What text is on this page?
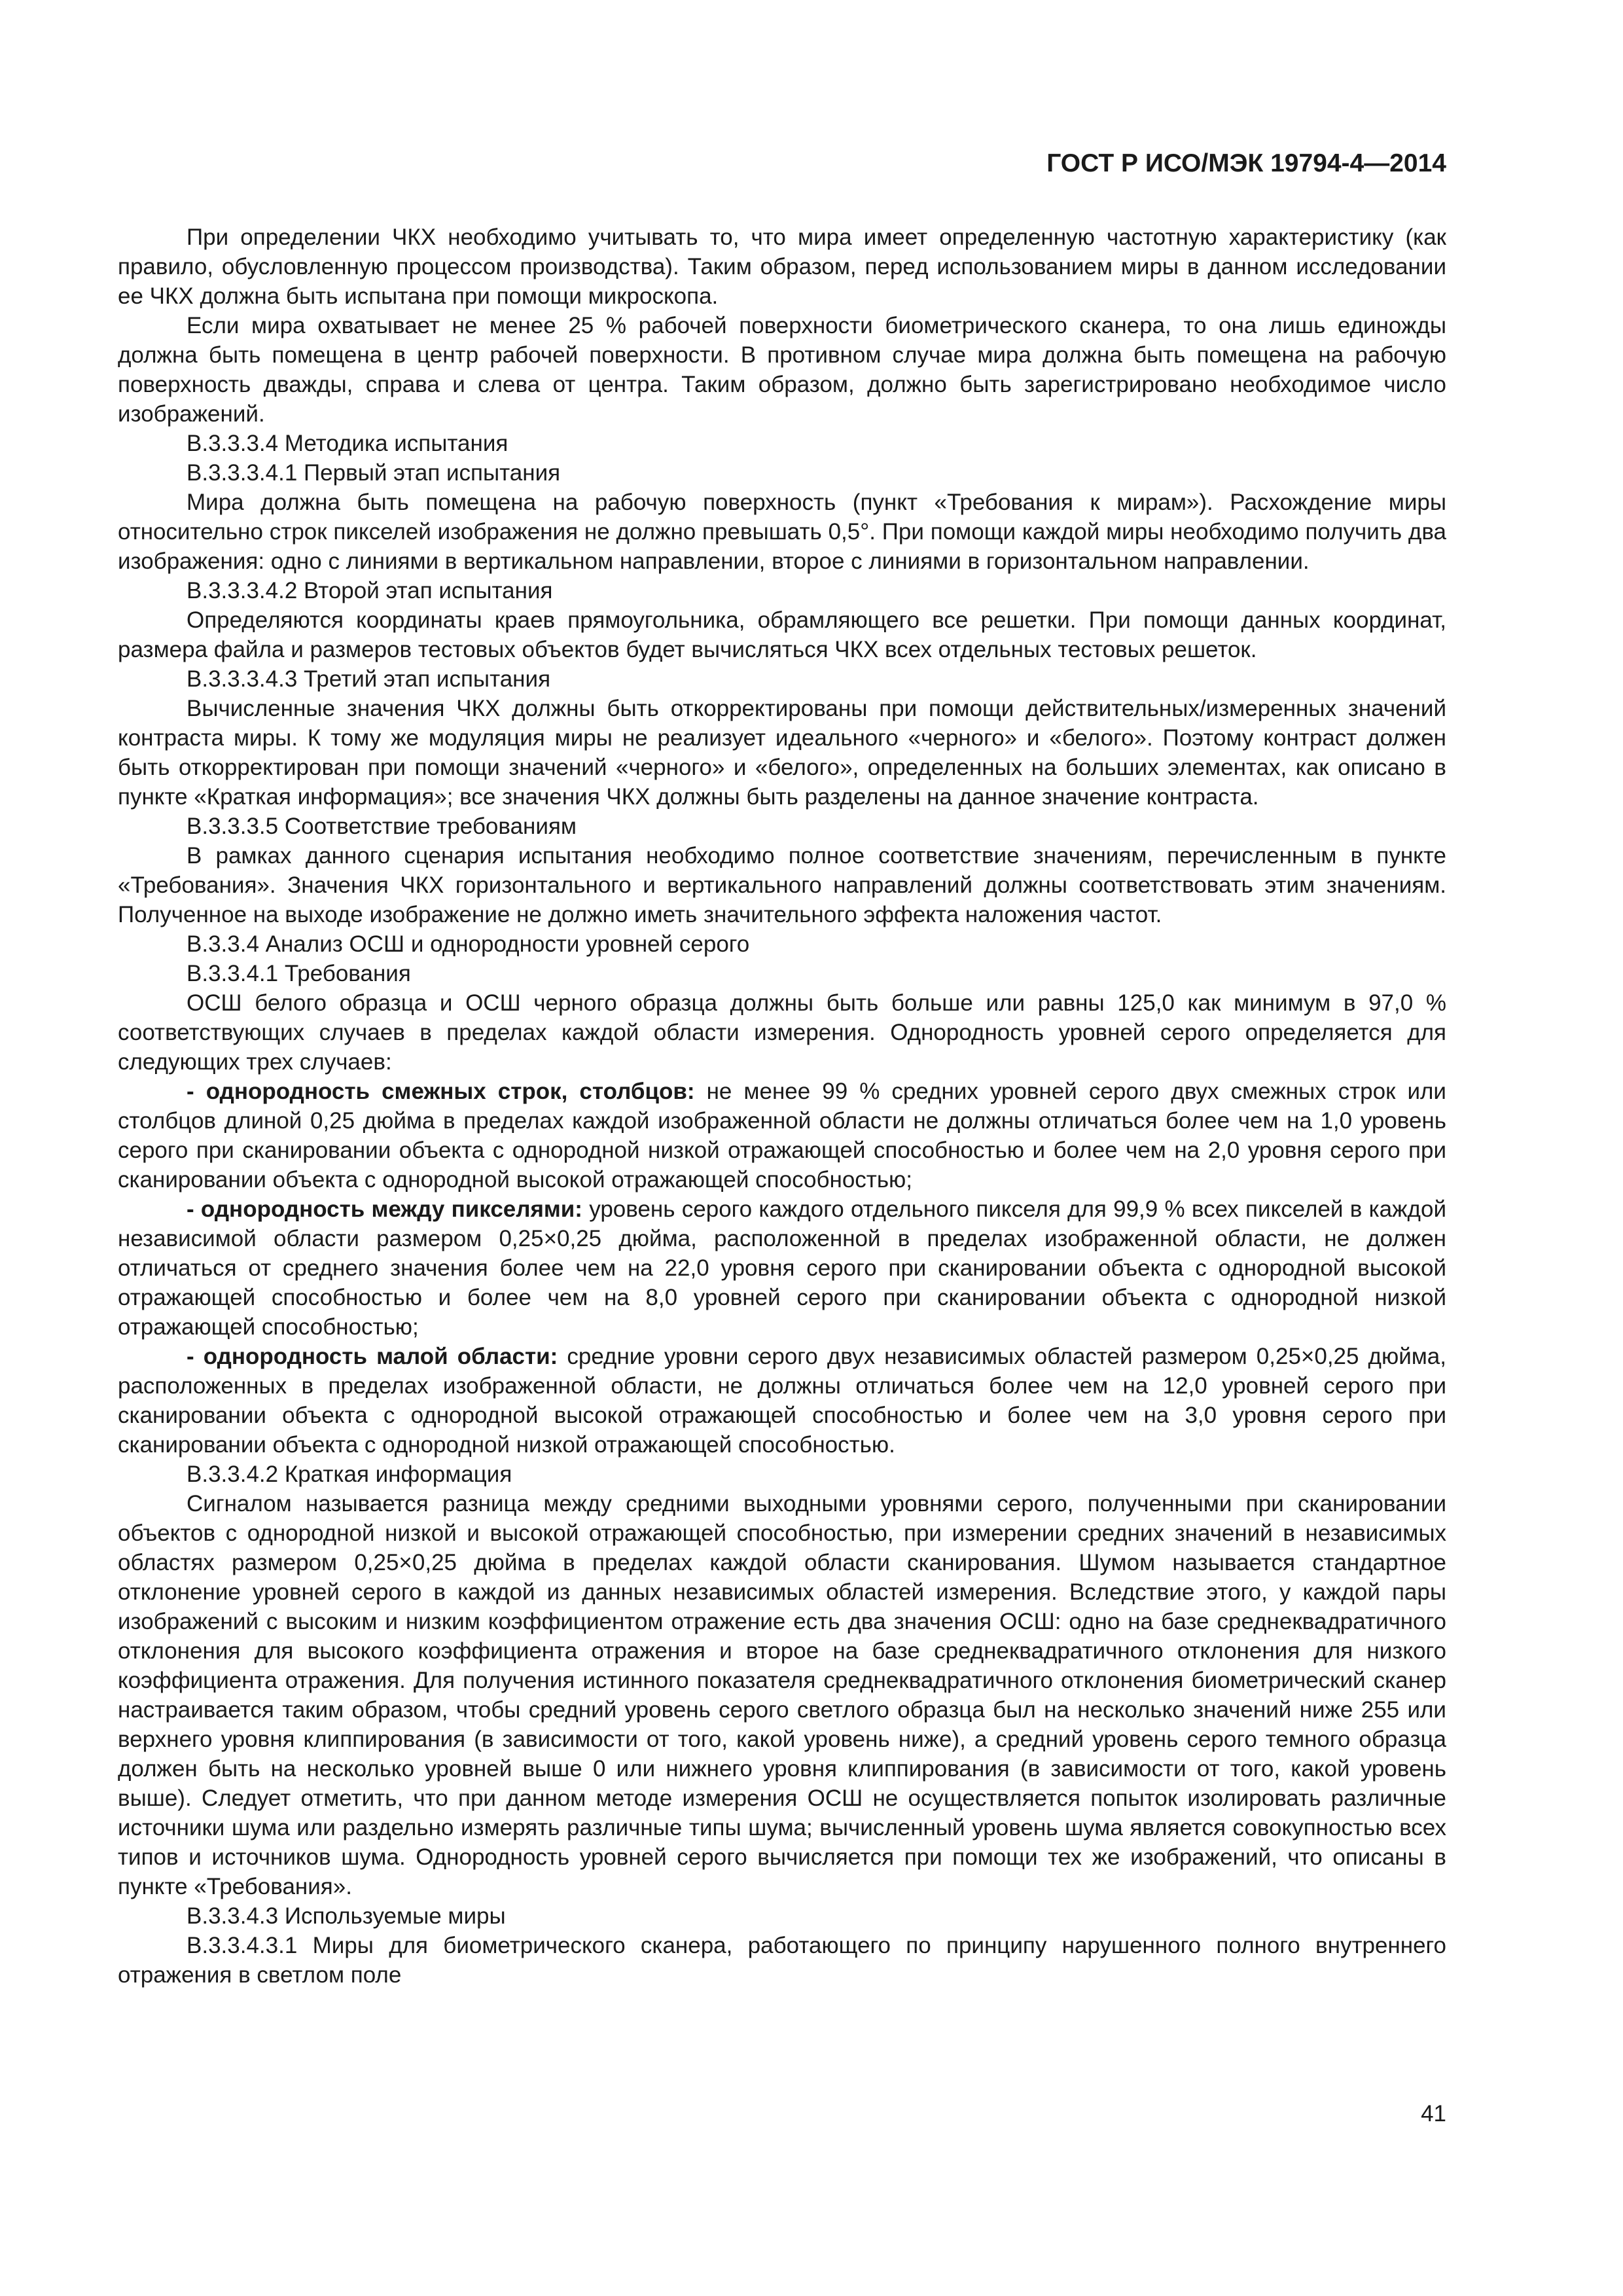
ГОСТ Р ИСО/МЭК 19794-4—2014

При определении ЧКХ необходимо учитывать то, что мира имеет определенную частотную характеристику (как правило, обусловленную процессом производства). Таким образом, перед использованием миры в данном исследовании ее ЧКХ должна быть испытана при помощи микроскопа.

Если мира охватывает не менее 25 % рабочей поверхности биометрического сканера, то она лишь единожды должна быть помещена в центр рабочей поверхности. В противном случае мира должна быть помещена на рабочую поверхность дважды, справа и слева от центра. Таким образом, должно быть зарегистрировано необходимое число изображений.

B.3.3.3.4 Методика испытания

B.3.3.3.4.1 Первый этап испытания

Мира должна быть помещена на рабочую поверхность (пункт «Требования к мирам»). Расхождение миры относительно строк пикселей изображения не должно превышать 0,5°. При помощи каждой миры необходимо получить два изображения: одно с линиями в вертикальном направлении, второе с линиями в горизонтальном направлении.

B.3.3.3.4.2 Второй этап испытания

Определяются координаты краев прямоугольника, обрамляющего все решетки. При помощи данных координат, размера файла и размеров тестовых объектов будет вычисляться ЧКХ всех отдельных тестовых решеток.

B.3.3.3.4.3 Третий этап испытания

Вычисленные значения ЧКХ должны быть откорректированы при помощи действительных/измеренных значений контраста миры. К тому же модуляция миры не реализует идеального «черного» и «белого». Поэтому контраст должен быть откорректирован при помощи значений «черного» и «белого», определенных на больших элементах, как описано в пункте «Краткая информация»; все значения ЧКХ должны быть разделены на данное значение контраста.

B.3.3.3.5 Соответствие требованиям

В рамках данного сценария испытания необходимо полное соответствие значениям, перечисленным в пункте «Требования». Значения ЧКХ горизонтального и вертикального направлений должны соответствовать этим значениям. Полученное на выходе изображение не должно иметь значительного эффекта наложения частот.

B.3.3.4 Анализ ОСШ и однородности уровней серого

B.3.3.4.1 Требования

ОСШ белого образца и ОСШ черного образца должны быть больше или равны 125,0 как минимум в 97,0 % соответствующих случаев в пределах каждой области измерения. Однородность уровней серого определяется для следующих трех случаев:

- однородность смежных строк, столбцов: не менее 99 % средних уровней серого двух смежных строк или столбцов длиной 0,25 дюйма в пределах каждой изображенной области не должны отличаться более чем на 1,0 уровень серого при сканировании объекта с однородной низкой отражающей способностью и более чем на 2,0 уровня серого при сканировании объекта с однородной высокой отражающей способностью;

- однородность между пикселями: уровень серого каждого отдельного пикселя для 99,9 % всех пикселей в каждой независимой области размером 0,25×0,25 дюйма, расположенной в пределах изображенной области, не должен отличаться от среднего значения более чем на 22,0 уровня серого при сканировании объекта с однородной высокой отражающей способностью и более чем на 8,0 уровней серого при сканировании объекта с однородной низкой отражающей способностью;

- однородность малой области: средние уровни серого двух независимых областей размером 0,25×0,25 дюйма, расположенных в пределах изображенной области, не должны отличаться более чем на 12,0 уровней серого при сканировании объекта с однородной высокой отражающей способностью и более чем на 3,0 уровня серого при сканировании объекта с однородной низкой отражающей способностью.

B.3.3.4.2 Краткая информация

Сигналом называется разница между средними выходными уровнями серого, полученными при сканировании объектов с однородной низкой и высокой отражающей способностью, при измерении средних значений в независимых областях размером 0,25×0,25 дюйма в пределах каждой области сканирования. Шумом называется стандартное отклонение уровней серого в каждой из данных независимых областей измерения. Вследствие этого, у каждой пары изображений с высоким и низким коэффициентом отражение есть два значения ОСШ: одно на базе среднеквадратичного отклонения для высокого коэффициента отражения и второе на базе среднеквадратичного отклонения для низкого коэффициента отражения. Для получения истинного показателя среднеквадратичного отклонения биометрический сканер настраивается таким образом, чтобы средний уровень серого светлого образца был на несколько значений ниже 255 или верхнего уровня клиппирования (в зависимости от того, какой уровень ниже), а средний уровень серого темного образца должен быть на несколько уровней выше 0 или нижнего уровня клиппирования (в зависимости от того, какой уровень выше). Следует отметить, что при данном методе измерения ОСШ не осуществляется попыток изолировать различные источники шума или раздельно измерять различные типы шума; вычисленный уровень шума является совокупностью всех типов и источников шума. Однородность уровней серого вычисляется при помощи тех же изображений, что описаны в пункте «Требования».

B.3.3.4.3 Используемые миры

B.3.3.4.3.1 Миры для биометрического сканера, работающего по принципу нарушенного полного внутреннего отражения в светлом поле

41
